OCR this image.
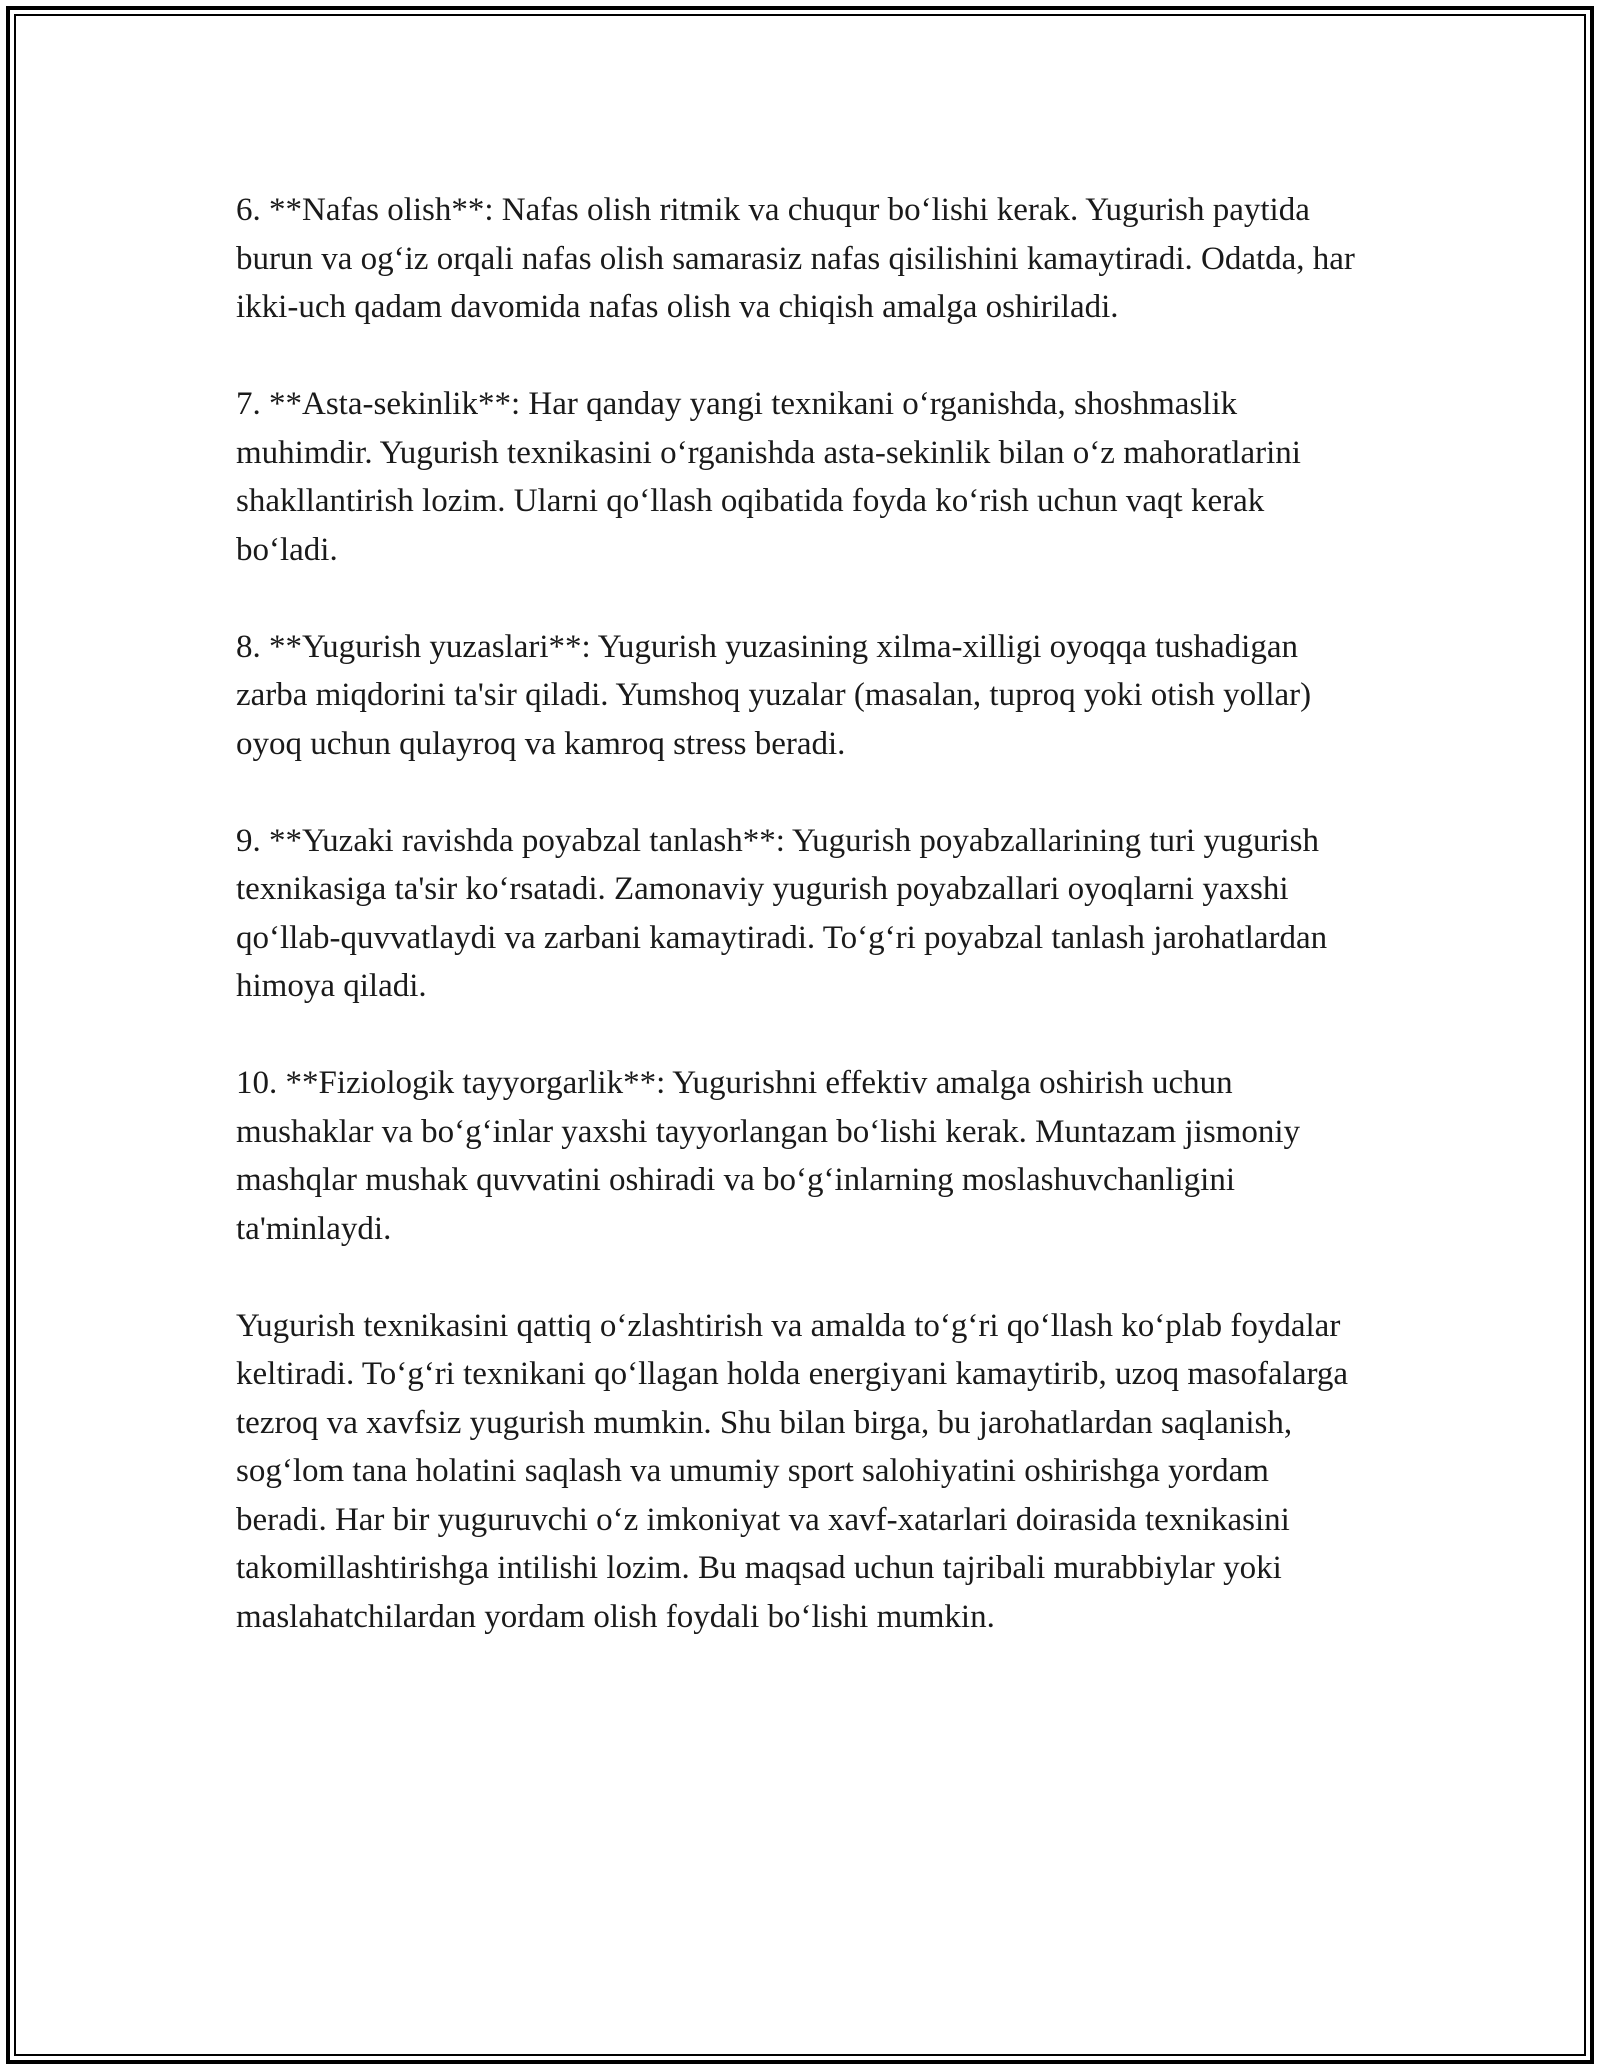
6. **Nafas olish**: Nafas olish ritmik va chuqur bo‘lishi kerak. Yugurish paytida burun va og‘iz orqali nafas olish samarasiz nafas qisilishini kamaytiradi. Odatda, har ikki-uch qadam davomida nafas olish va chiqish amalga oshiriladi.

7. **Asta-sekinlik**: Har qanday yangi texnikani o‘rganishda, shoshmaslik muhimdir. Yugurish texnikasini o‘rganishda asta-sekinlik bilan o‘z mahoratlarini shakllantirish lozim. Ularni qo‘llash oqibatida foyda ko‘rish uchun vaqt kerak bo‘ladi.

8. **Yugurish yuzaslari**: Yugurish yuzasining xilma-xilligi oyoqqa tushadigan zarba miqdorini ta'sir qiladi. Yumshoq yuzalar (masalan, tuproq yoki otish yollar) oyoq uchun qulayroq va kamroq stress beradi.

9. **Yuzaki ravishda poyabzal tanlash**: Yugurish poyabzallarining turi yugurish texnikasiga ta'sir ko‘rsatadi. Zamonaviy yugurish poyabzallari oyoqlarni yaxshi qo‘llab-quvvatlaydi va zarbani kamaytiradi. To‘g‘ri poyabzal tanlash jarohatlardan himoya qiladi.

10. **Fiziologik tayyorgarlik**: Yugurishni effektiv amalga oshirish uchun mushaklar va bo‘g‘inlar yaxshi tayyorlangan bo‘lishi kerak. Muntazam jismoniy mashqlar mushak quvvatini oshiradi va bo‘g‘inlarning moslashuvchanligini ta'minlaydi.

Yugurish texnikasini qattiq o‘zlashtirish va amalda to‘g‘ri qo‘llash ko‘plab foydalar keltiradi. To‘g‘ri texnikani qo‘llagan holda energiyani kamaytirib, uzoq masofalarga tezroq va xavfsiz yugurish mumkin. Shu bilan birga, bu jarohatlardan saqlanish, sog‘lom tana holatini saqlash va umumiy sport salohiyatini oshirishga yordam beradi. Har bir yuguruvchi o‘z imkoniyat va xavf-xatarlari doirasida texnikasini takomillashtirishga intilishi lozim. Bu maqsad uchun tajribali murabbiylar yoki maslahatchilardan yordam olish foydali bo‘lishi mumkin.
